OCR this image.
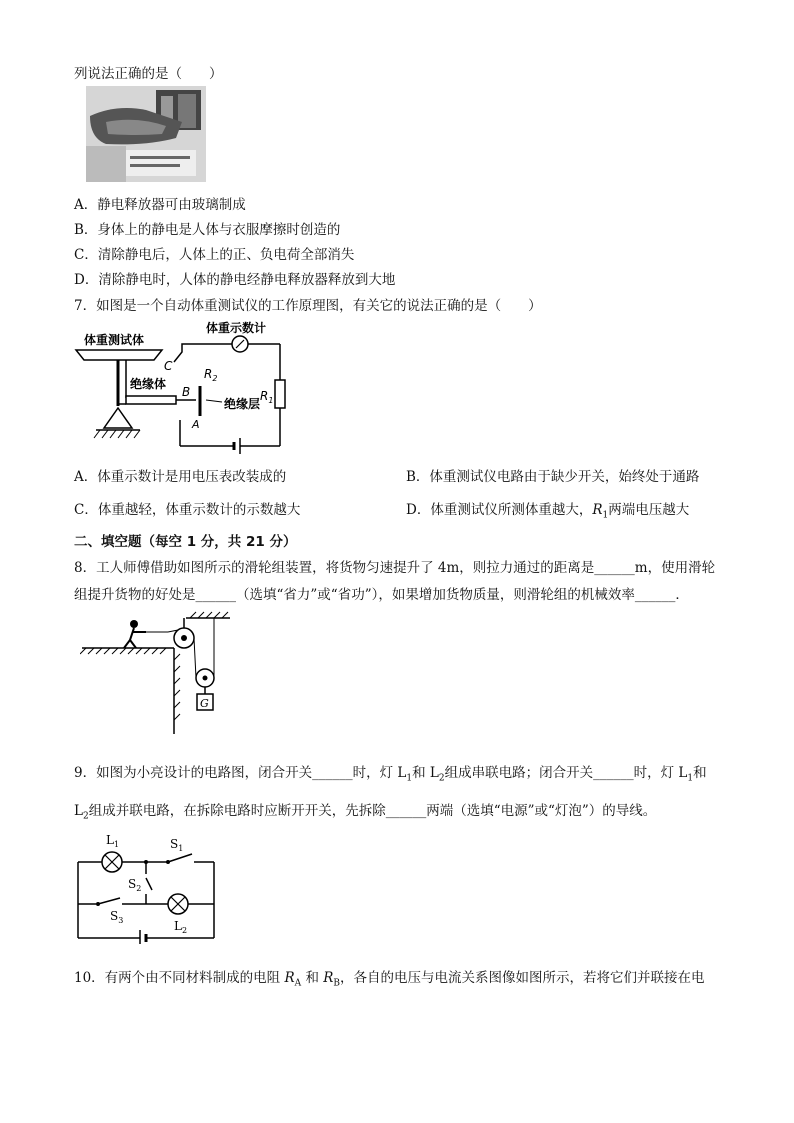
列说法正确的是（　　）
A．静电释放器可由玻璃制成
B．身体上的静电是人体与衣服摩擦时创造的
C．清除静电后，人体上的正、负电荷全部消失
D．清除静电时，人体的静电经静电释放器释放到大地
7．如图是一个自动体重测试仪的工作原理图，有关它的说法正确的是（　　）
体重测试体
绝缘体
B
$R_2$
绝缘层
A
C
体重示数计
$R_1$
A．体重示数计是用电压表改装成的	B．体重测试仪电路由于缺少开关，始终处于通路
C．体重越轻，体重示数计的示数越大	D．体重测试仪所测体重越大，$R_1$两端电压越大
二、填空题（每空 1 分，共 21 分）
8．工人师傅借助如图所示的滑轮组装置，将货物匀速提升了 4m，则拉力通过的距离是______m，使用滑轮
组提升货物的好处是______（选填“省力”或“省功”），如果增加货物质量，则滑轮组的机械效率______．
G
9．如图为小亮设计的电路图，闭合开关______时，灯 $L_1$和 $L_2$组成串联电路；闭合开关______时，灯 $L_1$和
$L_2$组成并联电路，在拆除电路时应断开开关，先拆除______两端（选填“电源”或“灯泡”）的导线。
$L_1$	$S_1$
$S_2$
$S_3$	$L_2$
10．有两个由不同材料制成的电阻 $R_A$ 和 $R_B$，各自的电压与电流关系图像如图所示，若将它们并联接在电
